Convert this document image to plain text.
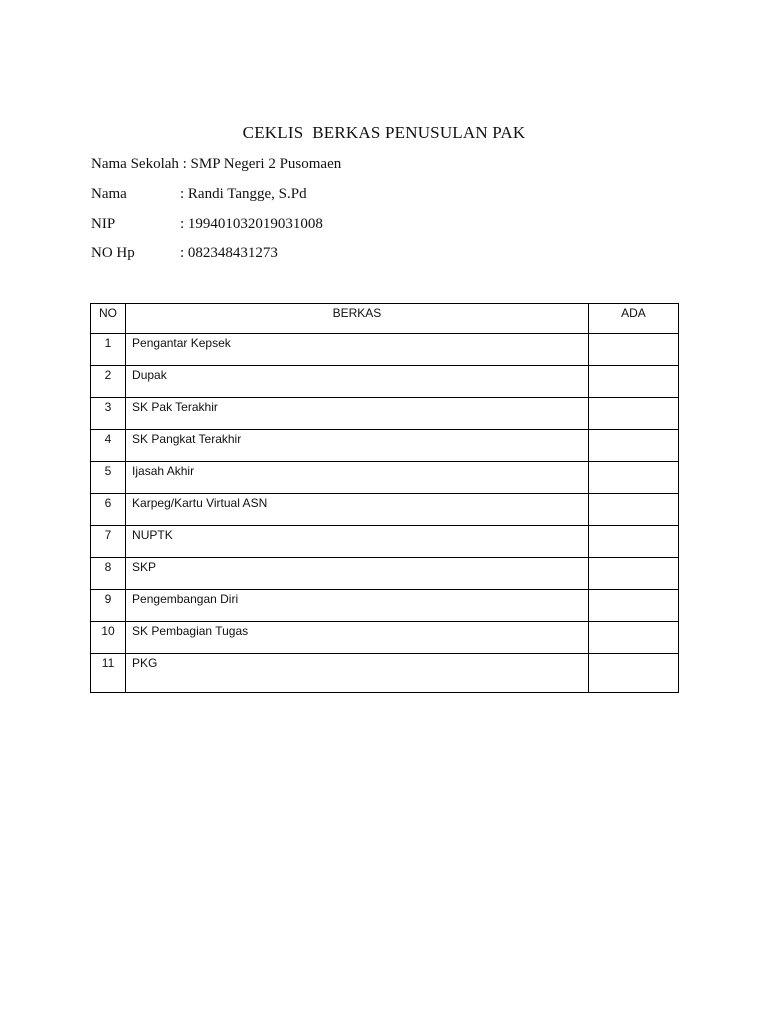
CEKLIS  BERKAS PENUSULAN PAK
Nama Sekolah : SMP Negeri 2 Pusomaen
Nama	: Randi Tangge, S.Pd
NIP	: 199401032019031008
NO Hp	: 082348431273
NO	BERKAS	ADA
1	Pengantar Kepsek	
2	Dupak	
3	SK Pak Terakhir	
4	SK Pangkat Terakhir	
5	Ijasah Akhir	
6	Karpeg/Kartu Virtual ASN	
7	NUPTK	
8	SKP	
9	Pengembangan Diri	
10	SK Pembagian Tugas	
11	PKG	
